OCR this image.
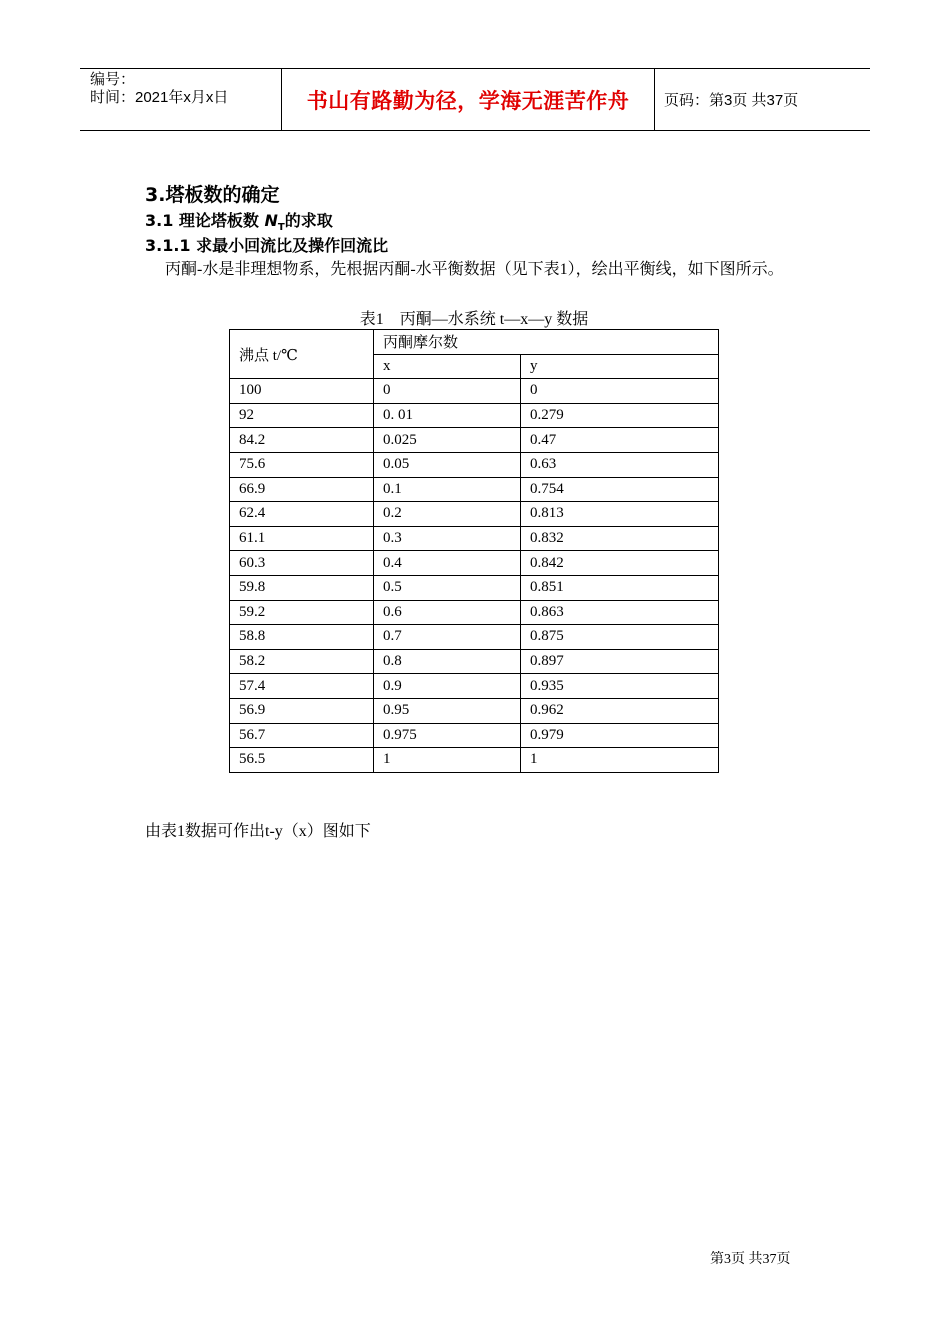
编号：
时间：2021年x月x日	书山有路勤为径，学海无涯苦作舟	页码：第3页 共37页
3.塔板数的确定
3.1 理论塔板数 $N_T$的求取
3.1.1 求最小回流比及操作回流比
丙酮-水是非理想物系，先根据丙酮-水平衡数据（见下表1），绘出平衡线，如下图所示。
表1　丙酮—水系统 t—x—y 数据
沸点 t/℃	丙酮摩尔数	
	x	y
100	0	0
92	0. 01	0.279
84.2	0.025	0.47
75.6	0.05	0.63
66.9	0.1	0.754
62.4	0.2	0.813
61.1	0.3	0.832
60.3	0.4	0.842
59.8	0.5	0.851
59.2	0.6	0.863
58.8	0.7	0.875
58.2	0.8	0.897
57.4	0.9	0.935
56.9	0.95	0.962
56.7	0.975	0.979
56.5	1	1
由表1数据可作出t-y（x）图如下
第3页 共37页
